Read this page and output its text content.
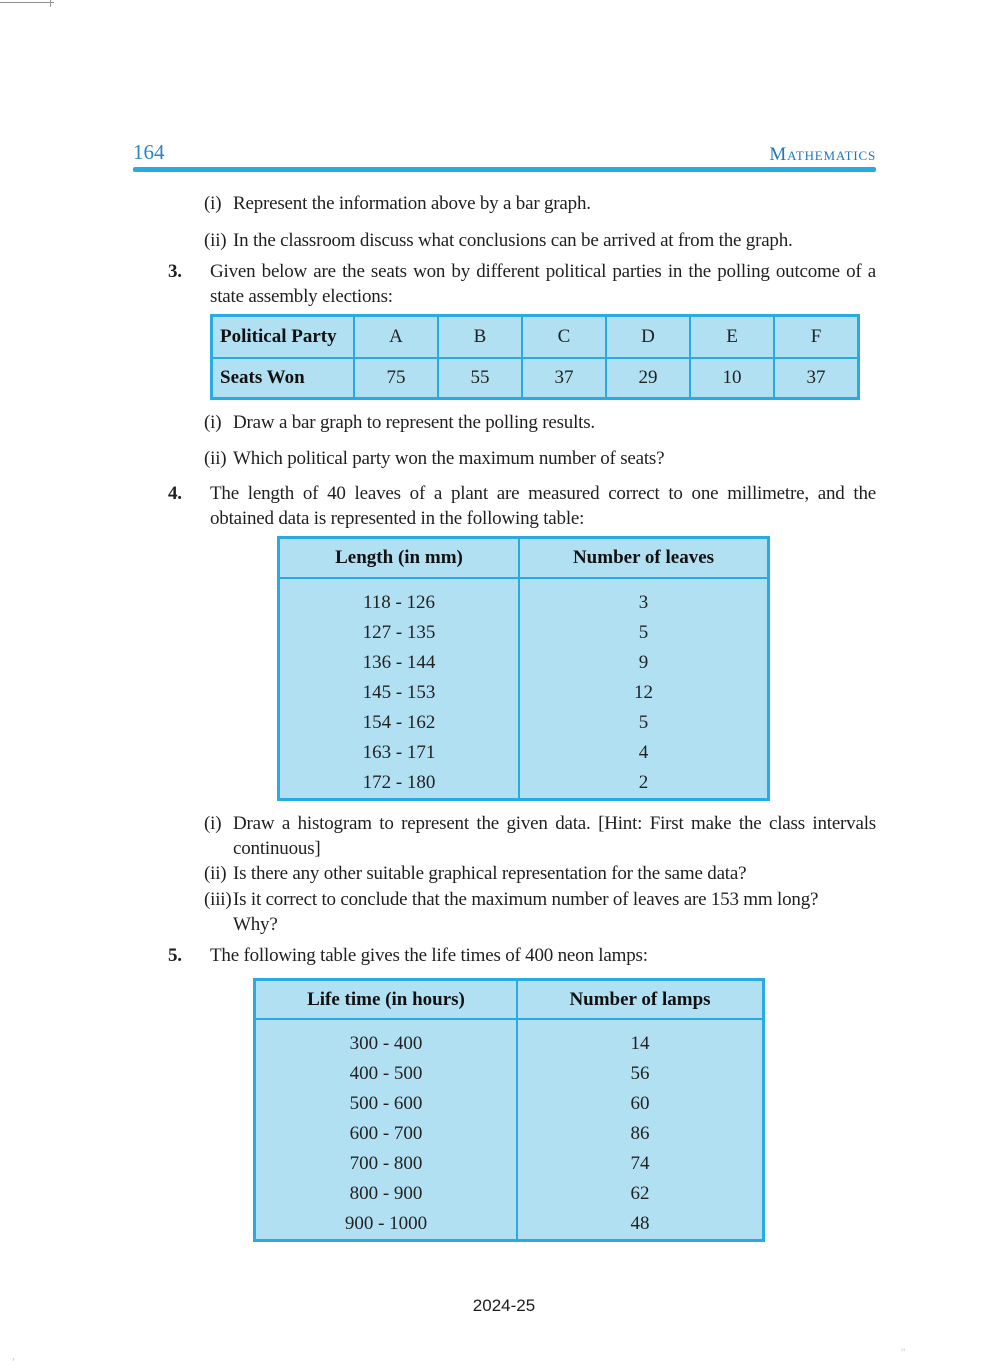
,	''
164	Mathematics
(i) Represent the information above by a bar graph.
(ii) In the classroom discuss what conclusions can be arrived at from the graph.
3. Given below are the seats won by different political parties in the polling outcome of a state assembly elections:
Political Party	A	B	C	D	E	F
Seats Won	75	55	37	29	10	37
(i) Draw a bar graph to represent the polling results.
(ii) Which political party won the maximum number of seats?
4. The length of 40 leaves of a plant are measured correct to one millimetre, and the obtained data is represented in the following table:
Length (in mm)	Number of leaves
118 - 126	3
127 - 135	5
136 - 144	9
145 - 153	12
154 - 162	5
163 - 171	4
172 - 180	2
(i) Draw a histogram to represent the given data. [Hint: First make the class intervals continuous]
(ii) Is there any other suitable graphical representation for the same data?
(iii) Is it correct to conclude that the maximum number of leaves are 153 mm long?
Why?
5. The following table gives the life times of 400 neon lamps:
Life time (in hours)	Number of lamps
300 - 400	14
400 - 500	56
500 - 600	60
600 - 700	86
700 - 800	74
800 - 900	62
900 - 1000	48
2024-25
